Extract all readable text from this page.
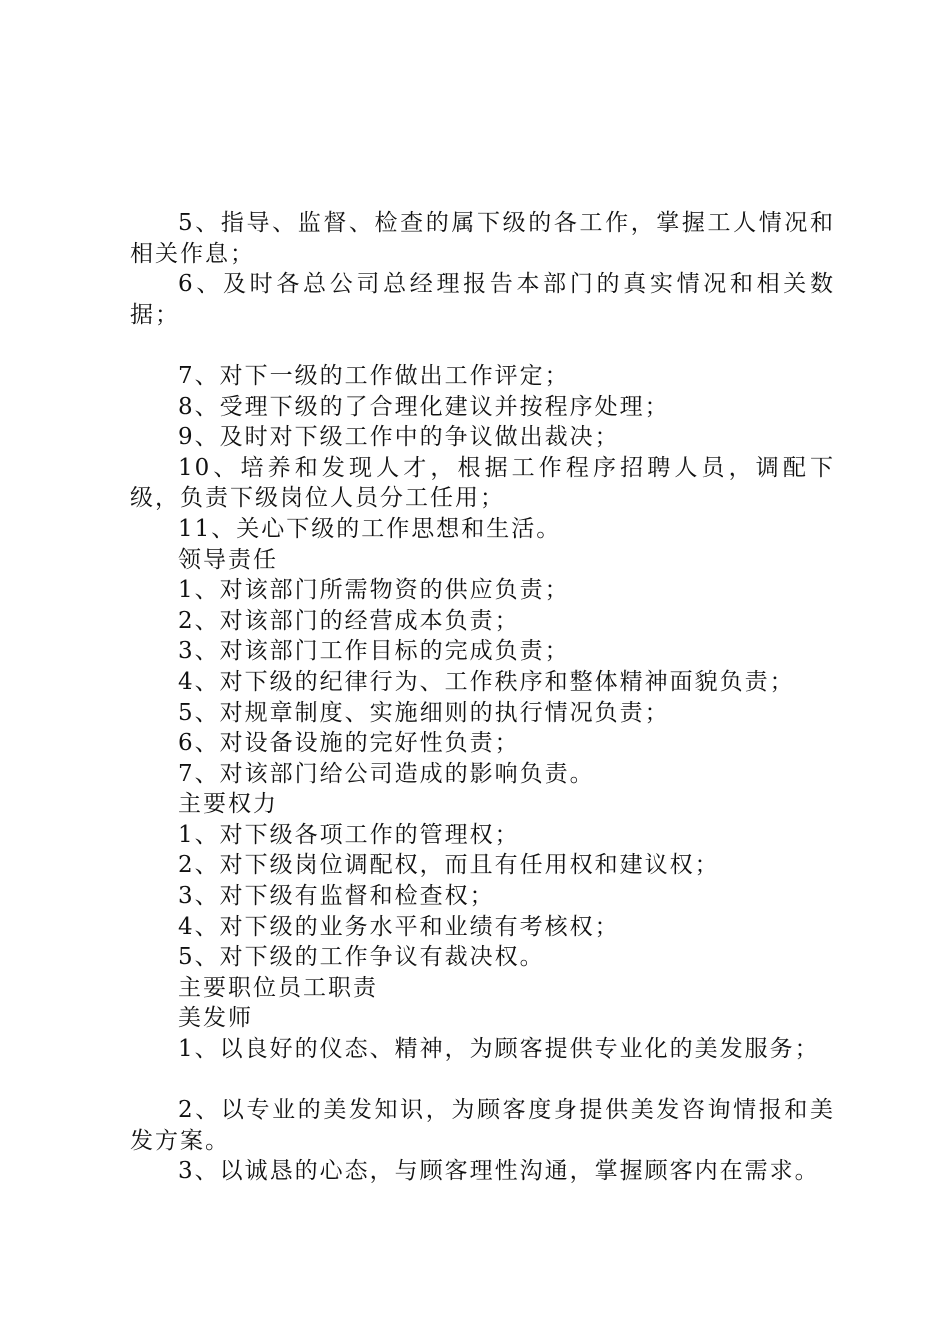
5、指导、监督、检查的属下级的各工作，掌握工人情况和相关作息；

6、及时各总公司总经理报告本部门的真实情况和相关数据；

7、对下一级的工作做出工作评定；

8、受理下级的了合理化建议并按程序处理；

9、及时对下级工作中的争议做出裁决；

10、培养和发现人才，根据工作程序招聘人员，调配下级，负责下级岗位人员分工任用；

11、关心下级的工作思想和生活。

领导责任

1、对该部门所需物资的供应负责；

2、对该部门的经营成本负责；

3、对该部门工作目标的完成负责；

4、对下级的纪律行为、工作秩序和整体精神面貌负责；

5、对规章制度、实施细则的执行情况负责；

6、对设备设施的完好性负责；

7、对该部门给公司造成的影响负责。

主要权力

1、对下级各项工作的管理权；

2、对下级岗位调配权，而且有任用权和建议权；

3、对下级有监督和检查权；

4、对下级的业务水平和业绩有考核权；

5、对下级的工作争议有裁决权。

主要职位员工职责

美发师

1、以良好的仪态、精神，为顾客提供专业化的美发服务；

2、以专业的美发知识，为顾客度身提供美发咨询情报和美发方案。

3、以诚恳的心态，与顾客理性沟通，掌握顾客内在需求。
